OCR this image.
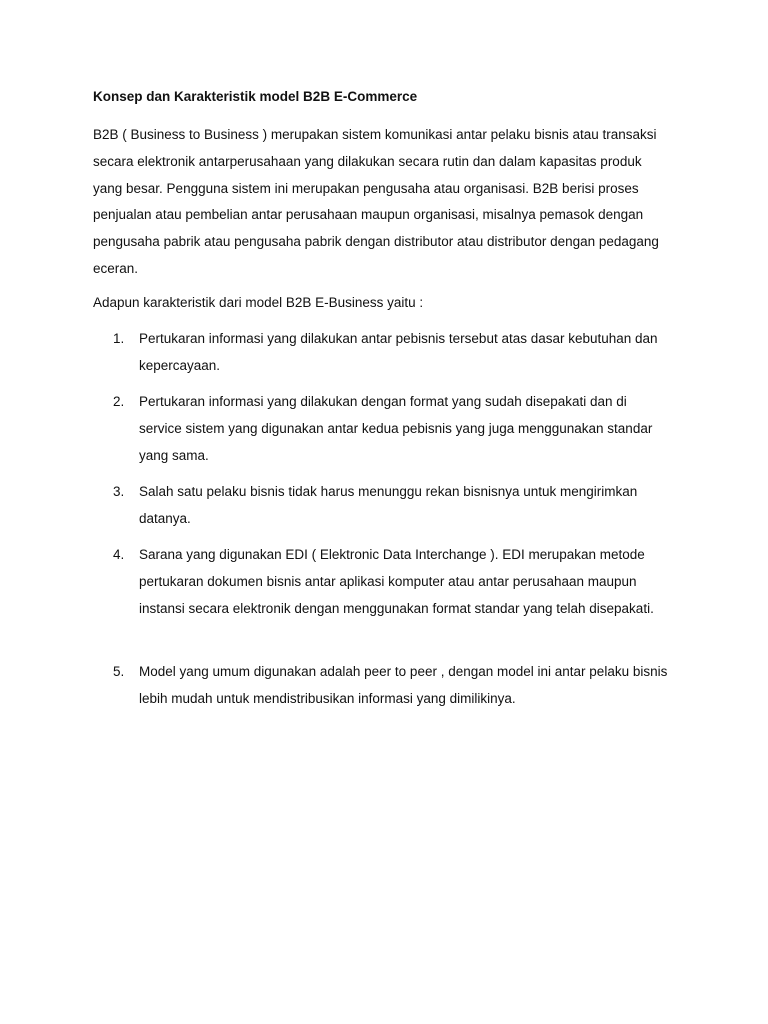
Konsep dan Karakteristik model B2B E-Commerce

B2B ( Business to Business ) merupakan sistem komunikasi antar pelaku bisnis atau transaksi secara elektronik antarperusahaan yang dilakukan secara rutin dan dalam kapasitas produk yang besar. Pengguna sistem ini merupakan pengusaha atau organisasi. B2B berisi proses penjualan atau pembelian antar perusahaan maupun organisasi, misalnya pemasok dengan pengusaha pabrik atau pengusaha pabrik dengan distributor atau distributor dengan pedagang eceran.

Adapun karakteristik dari model B2B E-Business yaitu :

1.	Pertukaran informasi yang dilakukan antar pebisnis tersebut atas dasar kebutuhan dan kepercayaan.

2.	Pertukaran informasi yang dilakukan dengan format yang sudah disepakati dan di service sistem yang digunakan antar kedua pebisnis yang juga menggunakan standar yang sama.

3.	Salah satu pelaku bisnis tidak harus menunggu rekan bisnisnya untuk mengirimkan datanya.

4.	Sarana yang digunakan EDI ( Elektronic Data Interchange ). EDI merupakan metode pertukaran dokumen bisnis antar aplikasi komputer atau antar perusahaan maupun instansi secara elektronik dengan menggunakan format standar yang telah disepakati.

5.	Model yang umum digunakan adalah peer to peer , dengan model ini antar pelaku bisnis lebih mudah untuk mendistribusikan informasi yang dimilikinya.
